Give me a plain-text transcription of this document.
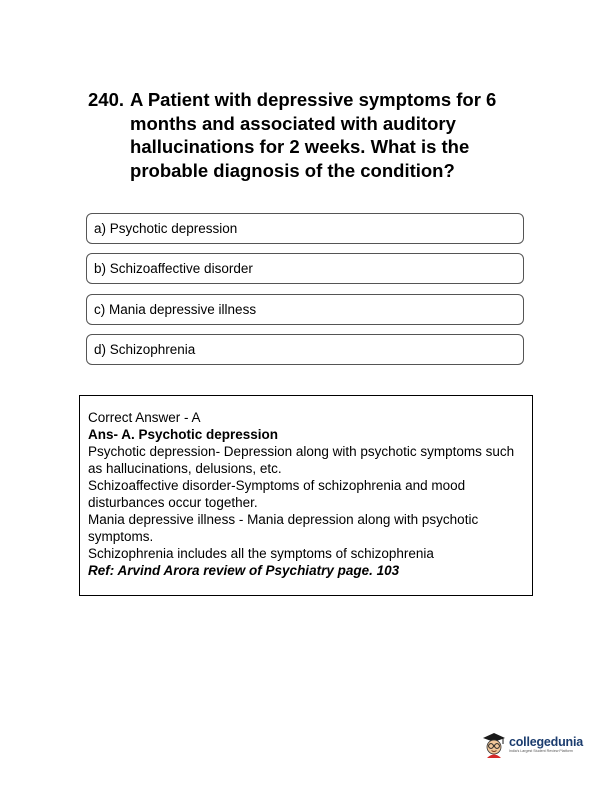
240. A Patient with depressive symptoms for 6 months and associated with auditory hallucinations for 2 weeks. What is the probable diagnosis of the condition?
a) Psychotic depression
b) Schizoaffective disorder
c) Mania depressive illness
d) Schizophrenia

Correct Answer - A

Ans- A. Psychotic depression

Psychotic depression- Depression along with psychotic symptoms such as hallucinations, delusions, etc.

Schizoaffective disorder-Symptoms of schizophrenia and mood disturbances occur together.

Mania depressive illness - Mania depression along with psychotic symptoms.

Schizophrenia includes all the symptoms of schizophrenia

Ref: Arvind Arora review of Psychiatry page. 103

collegedunia
India's Largest Student Review Platform
